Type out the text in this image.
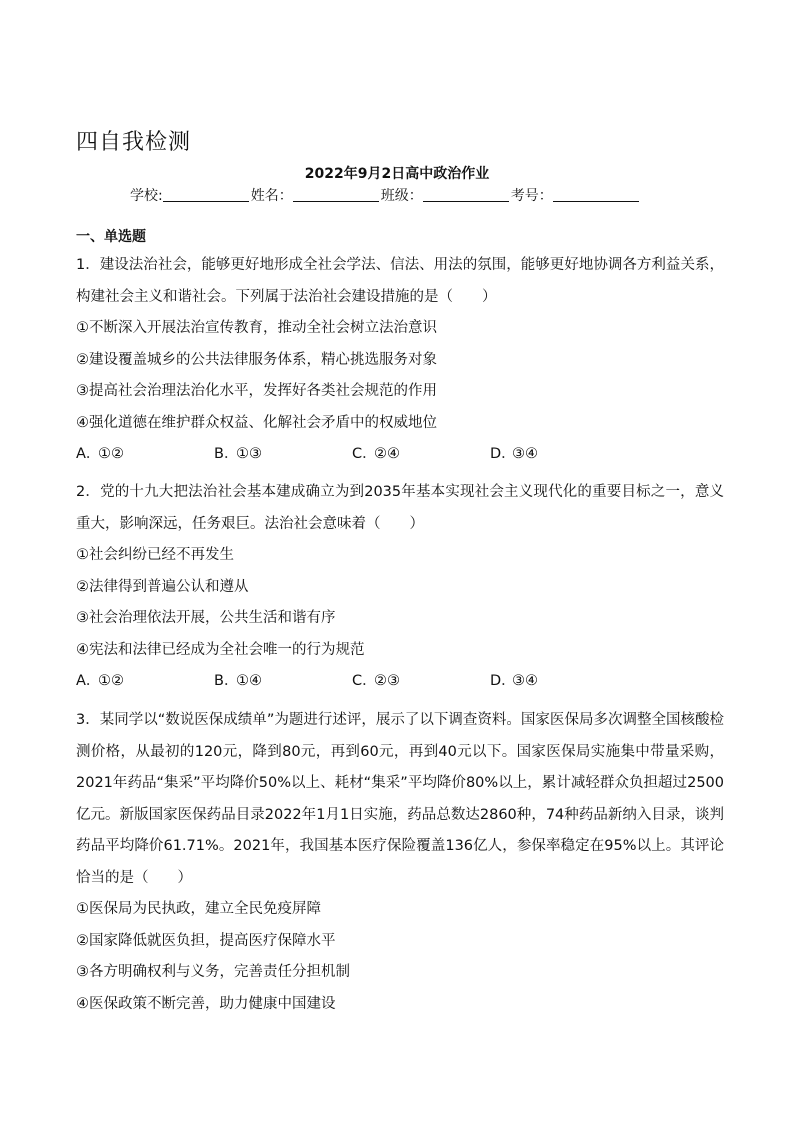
四自我检测
2022年9月2日高中政治作业
学校:	姓名：	班级：	考号：
一、单选题

1．建设法治社会，能够更好地形成全社会学法、信法、用法的氛围，能够更好地协调各方利益关系，构建社会主义和谐社会。下列属于法治社会建设措施的是（　　）

①不断深入开展法治宣传教育，推动全社会树立法治意识

②建设覆盖城乡的公共法律服务体系，精心挑选服务对象

③提高社会治理法治化水平，发挥好各类社会规范的作用

④强化道德在维护群众权益、化解社会矛盾中的权威地位

A．①②	B．①③	C．②④	D．③④

2．党的十九大把法治社会基本建成确立为到2035年基本实现社会主义现代化的重要目标之一，意义重大，影响深远，任务艰巨。法治社会意味着（　　）

①社会纠纷已经不再发生

②法律得到普遍公认和遵从

③社会治理依法开展，公共生活和谐有序

④宪法和法律已经成为全社会唯一的行为规范

A．①②	B．①④	C．②③	D．③④

3．某同学以“数说医保成绩单”为题进行述评，展示了以下调查资料。国家医保局多次调整全国核酸检测价格，从最初的120元，降到80元，再到60元，再到40元以下。国家医保局实施集中带量采购，2021年药品“集采”平均降价50%以上、耗材“集采”平均降价80%以上，累计减轻群众负担超过2500亿元。新版国家医保药品目录2022年1月1日实施，药品总数达2860种，74种药品新纳入目录，谈判药品平均降价61.71%。2021年，我国基本医疗保险覆盖136亿人，参保率稳定在95%以上。其评论恰当的是（　　）

①医保局为民执政，建立全民免疫屏障

②国家降低就医负担，提高医疗保障水平

③各方明确权利与义务，完善责任分担机制

④医保政策不断完善，助力健康中国建设
